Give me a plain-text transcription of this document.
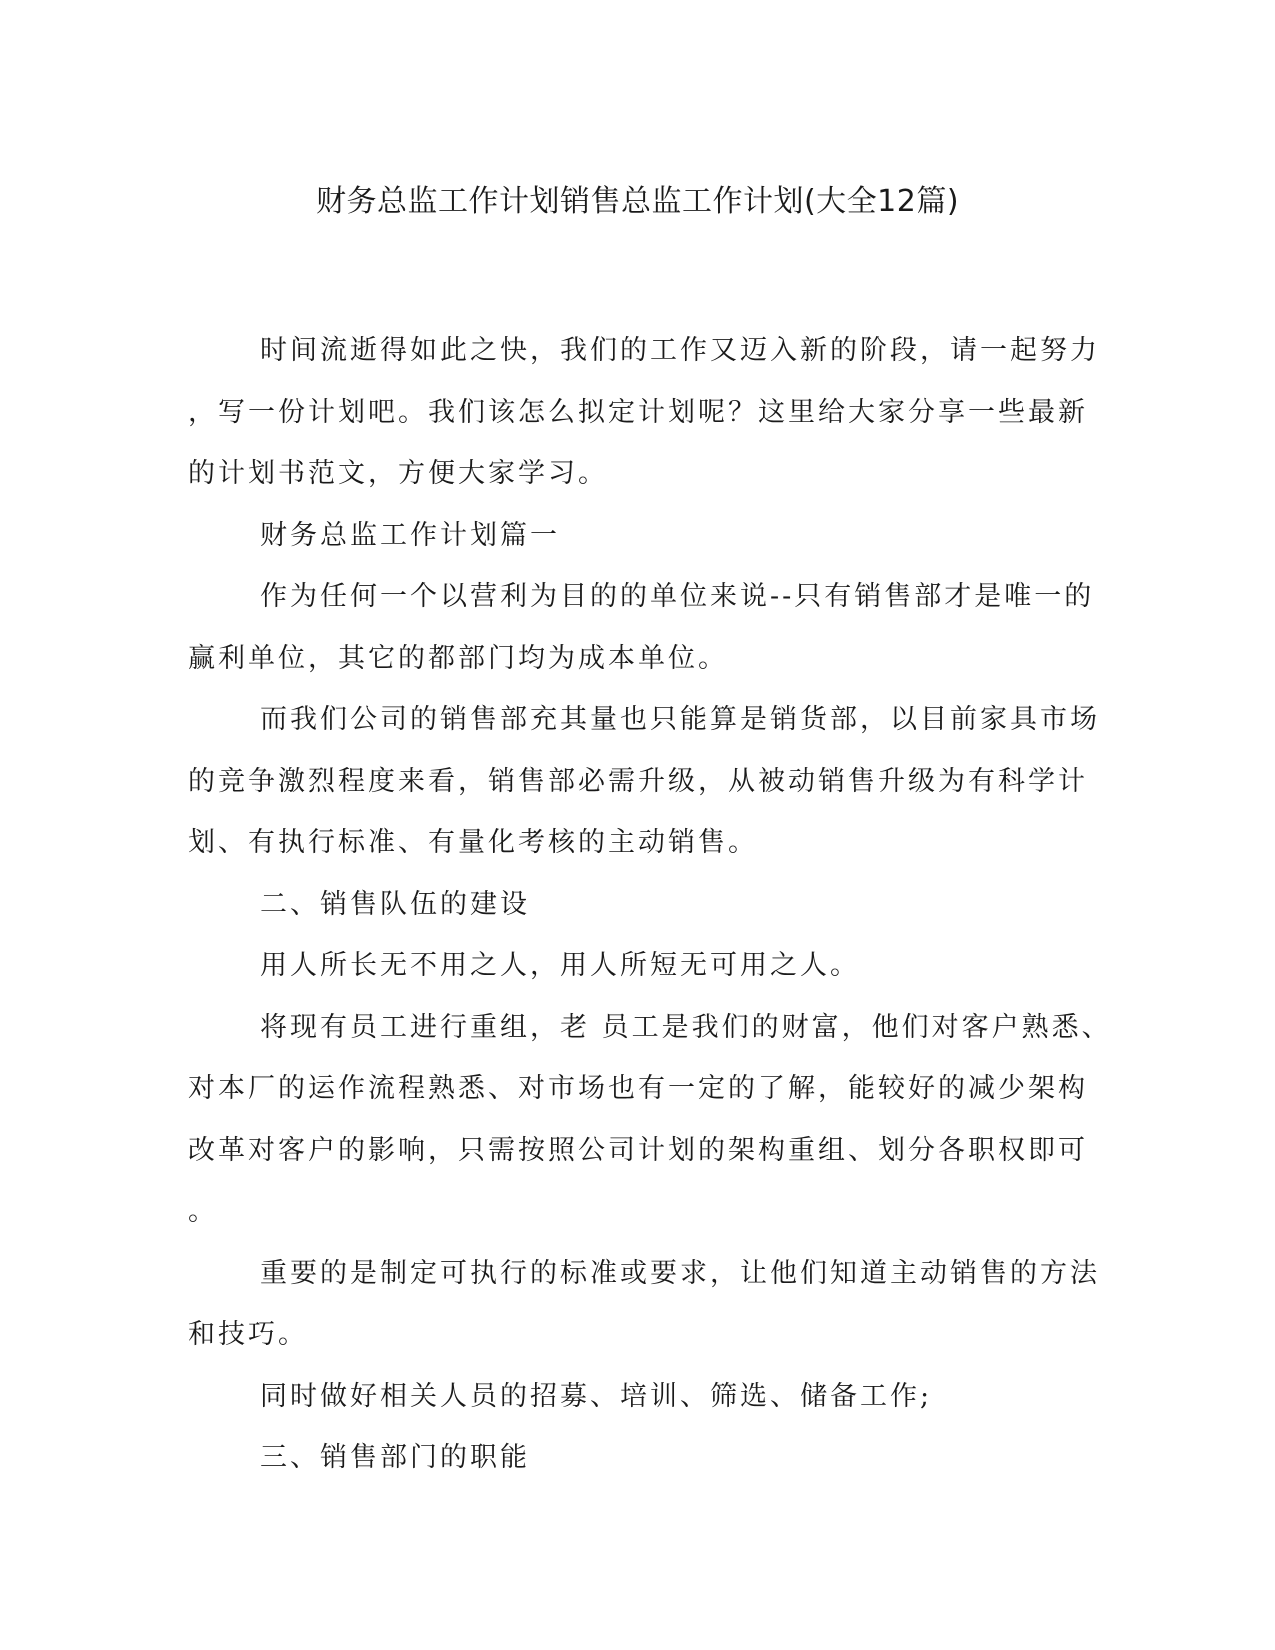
财务总监工作计划销售总监工作计划(大全12篇)
时间流逝得如此之快，我们的工作又迈入新的阶段，请一起努力
，写一份计划吧。我们该怎么拟定计划呢？这里给大家分享一些最新
的计划书范文，方便大家学习。
财务总监工作计划篇一
作为任何一个以营利为目的的单位来说--只有销售部才是唯一的
赢利单位，其它的都部门均为成本单位。
而我们公司的销售部充其量也只能算是销货部，以目前家具市场
的竞争激烈程度来看，销售部必需升级，从被动销售升级为有科学计
划、有执行标准、有量化考核的主动销售。
二、销售队伍的建设
用人所长无不用之人，用人所短无可用之人。
将现有员工进行重组，老 员工是我们的财富，他们对客户熟悉、
对本厂的运作流程熟悉、对市场也有一定的了解，能较好的减少架构
改革对客户的影响，只需按照公司计划的架构重组、划分各职权即可
。
重要的是制定可执行的标准或要求，让他们知道主动销售的方法
和技巧。
同时做好相关人员的招募、培训、筛选、储备工作;
三、销售部门的职能
